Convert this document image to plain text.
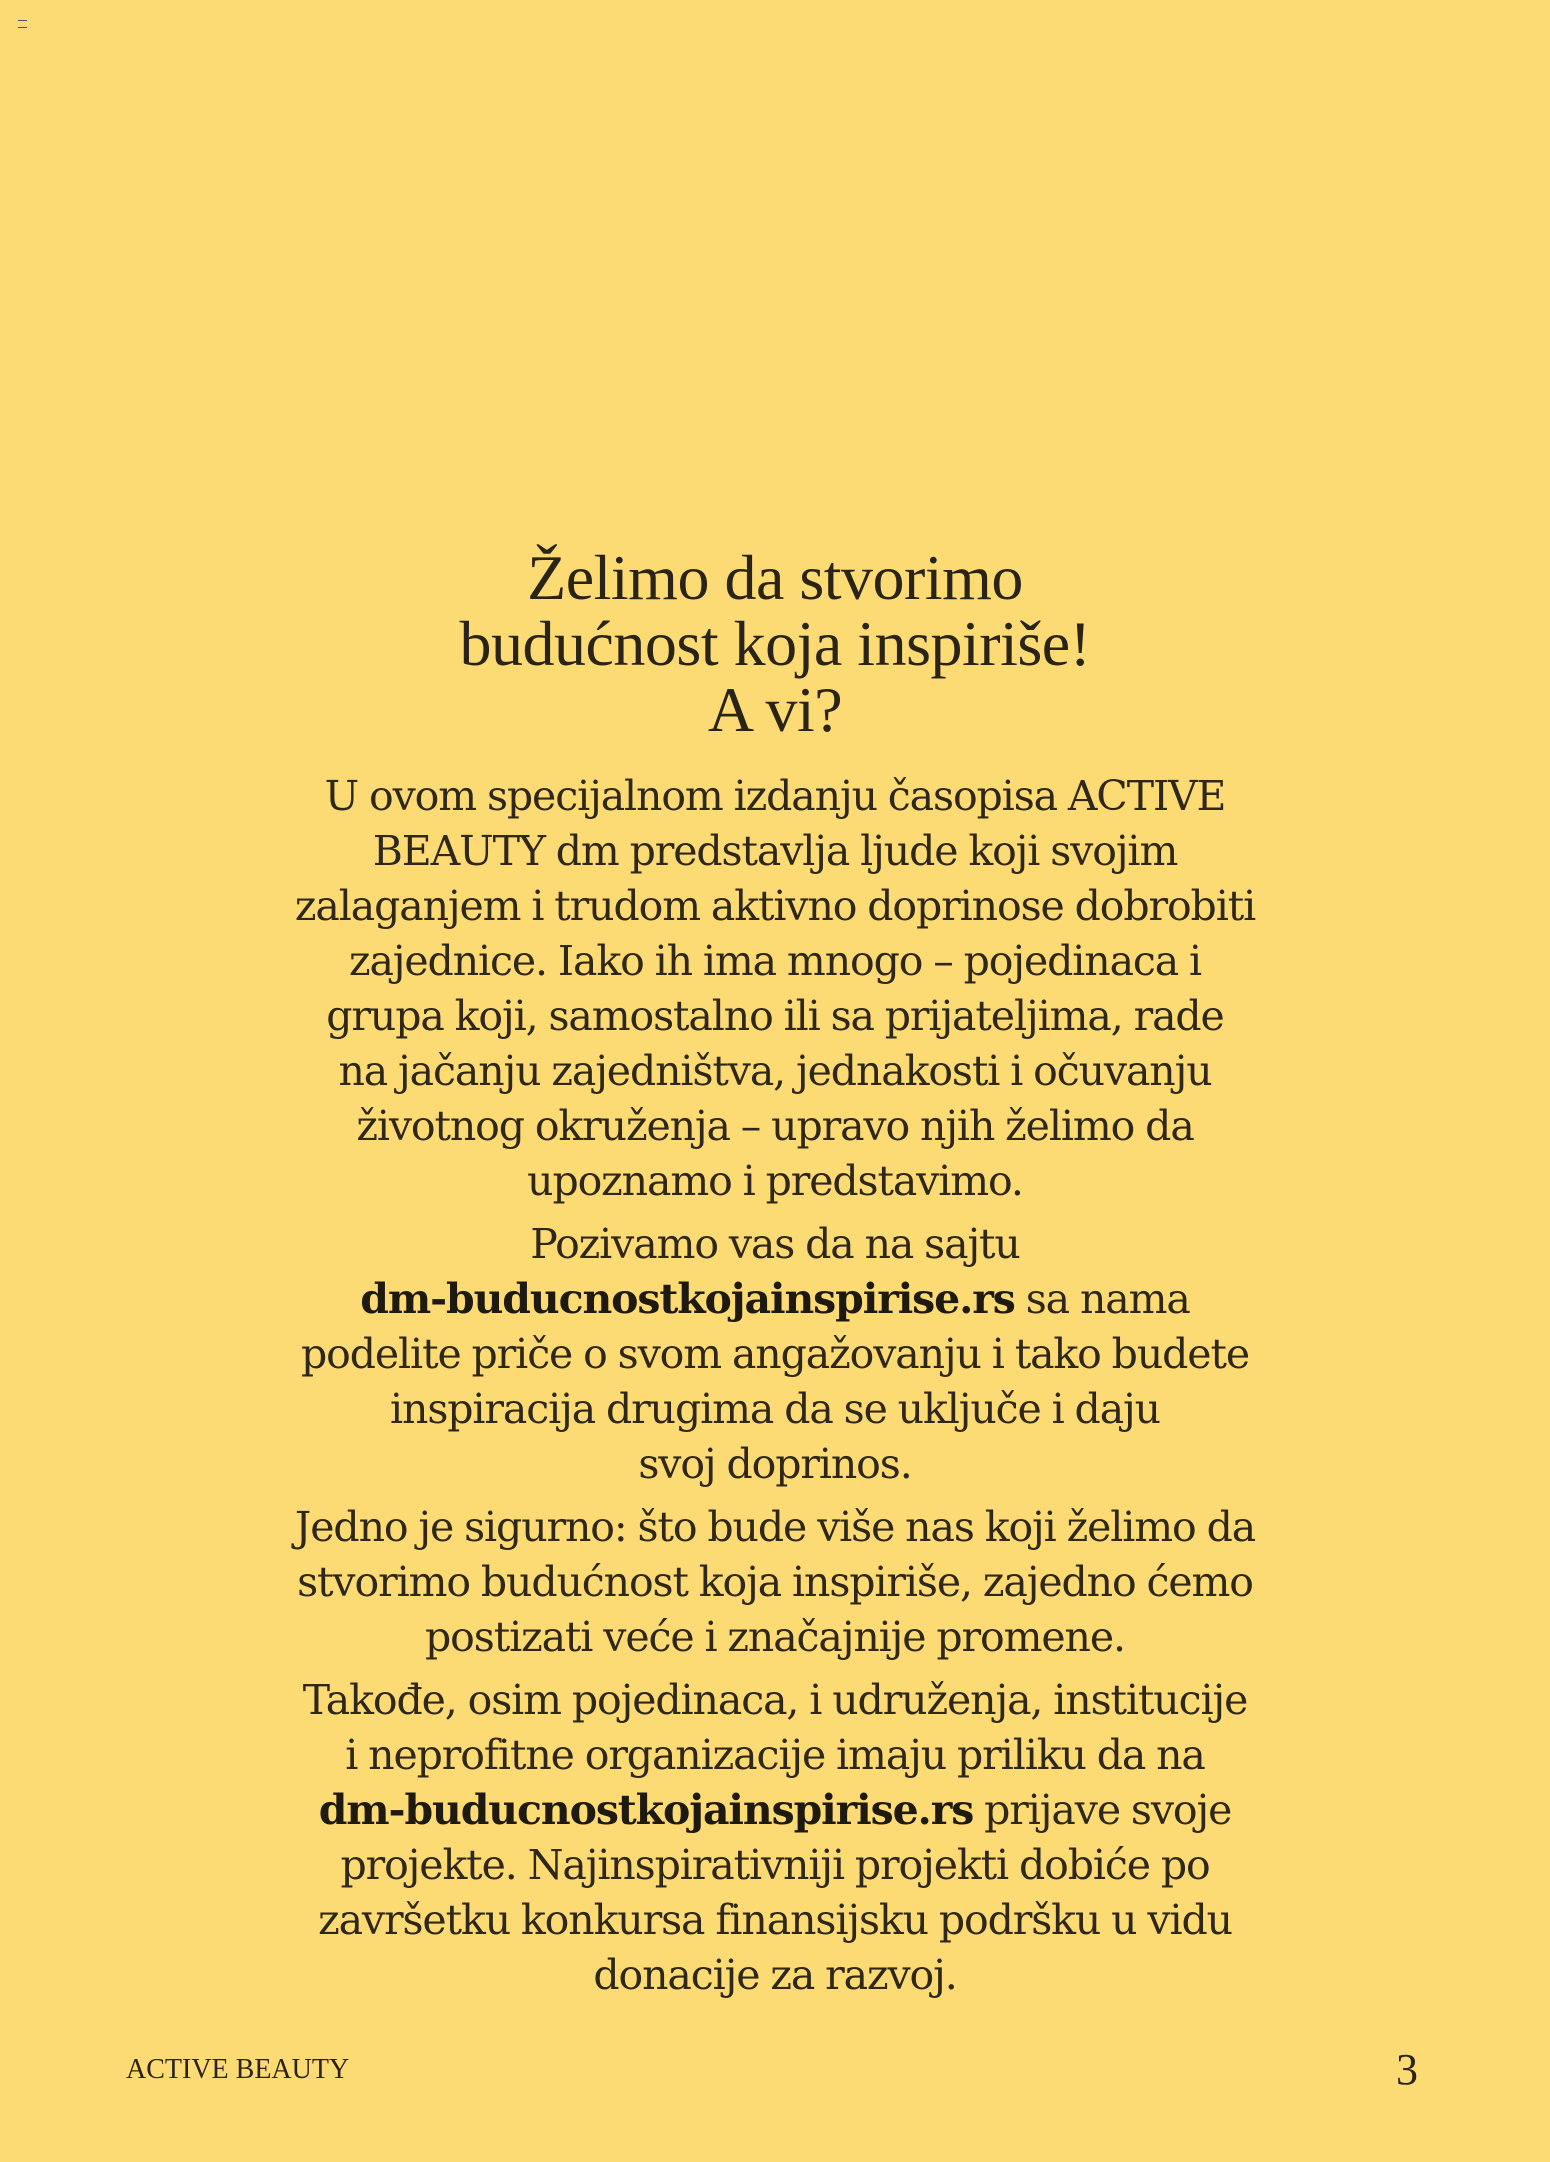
Želimo da stvorimo
budućnost koja inspiriše!
A vi?

U ovom specijalnom izdanju časopisa ACTIVE
BEAUTY dm predstavlja ljude koji svojim
zalaganjem i trudom aktivno doprinose dobrobiti
zajednice. Iako ih ima mnogo – pojedinaca i
grupa koji, samostalno ili sa prijateljima, rade
na jačanju zajedništva, jednakosti i očuvanju
životnog okruženja – upravo njih želimo da
upoznamo i predstavimo.

Pozivamo vas da na sajtu
dm-buducnostkojainspirise.rs sa nama
podelite priče o svom angažovanju i tako budete
inspiracija drugima da se uključe i daju
svoj doprinos.

Jedno je sigurno: što bude više nas koji želimo da
stvorimo budućnost koja inspiriše, zajedno ćemo
postizati veće i značajnije promene.

Takođe, osim pojedinaca, i udruženja, institucije
i neprofitne organizacije imaju priliku da na
dm-buducnostkojainspirise.rs prijave svoje
projekte. Najinspirativniji projekti dobiće po
završetku konkursa finansijsku podršku u vidu
donacije za razvoj.

ACTIVE BEAUTY	3
